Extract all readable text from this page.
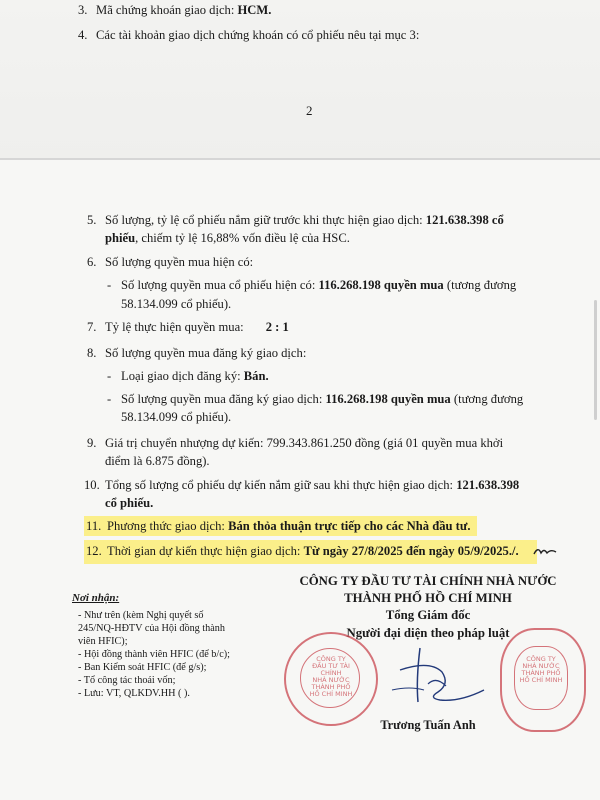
3. Mã chứng khoán giao dịch: HCM.
4. Các tài khoản giao dịch chứng khoán có cổ phiếu nêu tại mục 3:
2
5. Số lượng, tỷ lệ cổ phiếu nắm giữ trước khi thực hiện giao dịch: 121.638.398 cổ
phiếu, chiếm tỷ lệ 16,88% vốn điều lệ của HSC.
6. Số lượng quyền mua hiện có:
- Số lượng quyền mua cổ phiếu hiện có: 116.268.198 quyền mua (tương đương
58.134.099 cổ phiếu).
7. Tỷ lệ thực hiện quyền mua: 2 : 1
8. Số lượng quyền mua đăng ký giao dịch:
- Loại giao dịch đăng ký: Bán.
- Số lượng quyền mua đăng ký giao dịch: 116.268.198 quyền mua (tương đương
58.134.099 cổ phiếu).
9. Giá trị chuyển nhượng dự kiến: 799.343.861.250 đồng (giá 01 quyền mua khởi
điểm là 6.875 đồng).
10. Tổng số lượng cổ phiếu dự kiến nắm giữ sau khi thực hiện giao dịch: 121.638.398
cổ phiếu.
11. Phương thức giao dịch: Bán thỏa thuận trực tiếp cho các Nhà đầu tư.
12. Thời gian dự kiến thực hiện giao dịch: Từ ngày 27/8/2025 đến ngày 05/9/2025./.
Nơi nhận:
- Như trên (kèm Nghị quyết số
245/NQ-HĐTV của Hội đồng thành
viên HFIC);
- Hội đồng thành viên HFIC (để b/c);
- Ban Kiểm soát HFIC (để g/s);
- Tổ công tác thoái vốn;
- Lưu: VT, QLKDV.HH ( ).
CÔNG TY ĐẦU TƯ TÀI CHÍNH NHÀ NƯỚC
THÀNH PHỐ HỒ CHÍ MINH
Tổng Giám đốc
Người đại diện theo pháp luật
CÔNG TY
ĐẦU TƯ TÀI CHÍNH
NHÀ NƯỚC
THÀNH PHỐ
HỒ CHÍ MINH
CÔNG TY
NHÀ NƯỚC
THÀNH PHỐ
HỒ CHÍ MINH
Trương Tuấn Anh
